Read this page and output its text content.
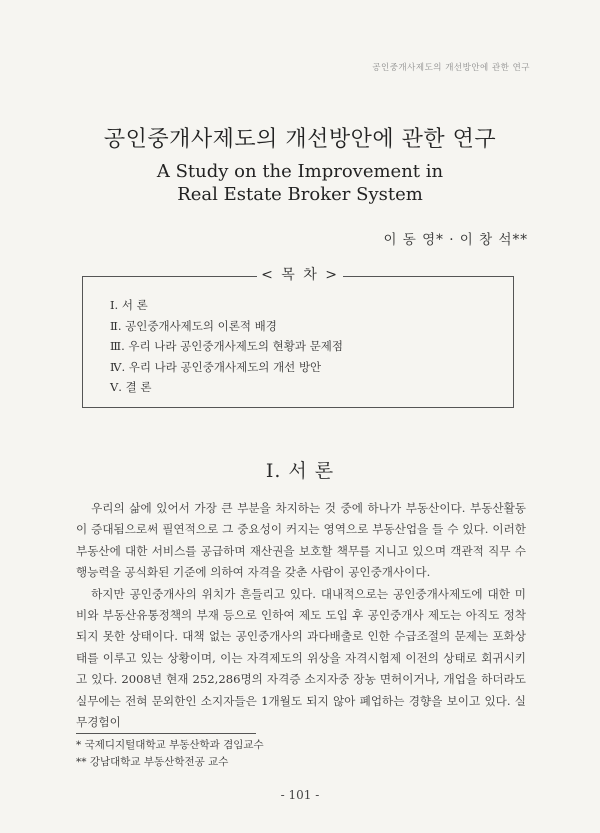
공인중개사제도의 개선방안에 관한 연구
공인중개사제도의 개선방안에 관한 연구
A Study on the Improvement in
Real Estate Broker System
이 동 영* · 이 창 석**
< 목 차 >
Ⅰ. 서 론
Ⅱ. 공인중개사제도의 이론적 배경
Ⅲ. 우리 나라 공인중개사제도의 현황과 문제점
Ⅳ. 우리 나라 공인중개사제도의 개선 방안
Ⅴ. 결 론
Ⅰ. 서 론

우리의 삶에 있어서 가장 큰 부분을 차지하는 것 중에 하나가 부동산이다. 부동산활동이 증대됨으로써 필연적으로 그 중요성이 커지는 영역으로 부동산업을 들 수 있다. 이러한 부동산에 대한 서비스를 공급하며 재산권을 보호할 책무를 지니고 있으며 객관적 직무 수행능력을 공식화된 기준에 의하여 자격을 갖춘 사람이 공인중개사이다.

하지만 공인중개사의 위치가 흔들리고 있다. 대내적으로는 공인중개사제도에 대한 미비와 부동산유통정책의 부재 등으로 인하여 제도 도입 후 공인중개사 제도는 아직도 정착되지 못한 상태이다. 대책 없는 공인중개사의 과다배출로 인한 수급조절의 문제는 포화상태를 이루고 있는 상황이며, 이는 자격제도의 위상을 자격시험제 이전의 상태로 회귀시키고 있다. 2008년 현재 252,286명의 자격증 소지자중 장농 면허이거나, 개업을 하더라도 실무에는 전혀 문외한인 소지자들은 1개월도 되지 않아 폐업하는 경향을 보이고 있다. 실무경험이

* 국제디지털대학교 부동산학과 겸임교수
** 강남대학교 부동산학전공 교수
- 101 -
